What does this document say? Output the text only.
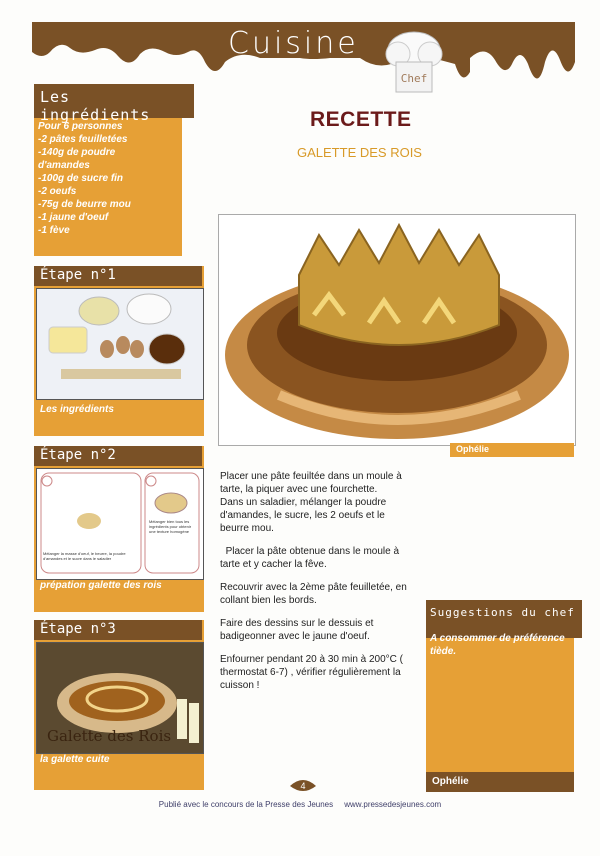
Cuisine
Chef
Les ingrédients
Pour 6 personnes
-2 pâtes feuilletées
-140g de poudre
d'amandes
-100g de sucre fin
-2 oeufs
-75g de beurre mou
-1 jaune d'oeuf
-1 fève
Étape n°1
Les ingrédients
Étape n°2
Mélanger la masse d'oeuf, le beurre, la poudre d'amandes et le sucre dans le saladier
Mélanger bien tous les ingrédients pour obtenir une texture homogène
prépation galette des rois
Étape n°3
Galette des Rois
la galette cuite
RECETTE
GALETTE DES ROIS
Ophélie

Placer une pâte feuiltée dans un moule à tarte, la piquer avec une fourchette.
Dans un saladier, mélanger la poudre d'amandes, le sucre, les 2 oeufs et le beurre mou.

Placer la pâte obtenue dans le moule à  tarte et y cacher la fêve.

Recouvrir avec la 2ème pâte feuilletée, en collant bien les bords.

Faire des dessins sur le dessuis et badigeonner avec le jaune d'oeuf.

Enfourner pendant 20 à 30 min à 200°C ( thermostat 6-7) , vérifier régulièrement la cuisson !

Suggestions du chef
A consommer de préférence tiède.
Ophélie
4
Publié avec le concours de la Presse des Jeunes www.pressedesjeunes.com
